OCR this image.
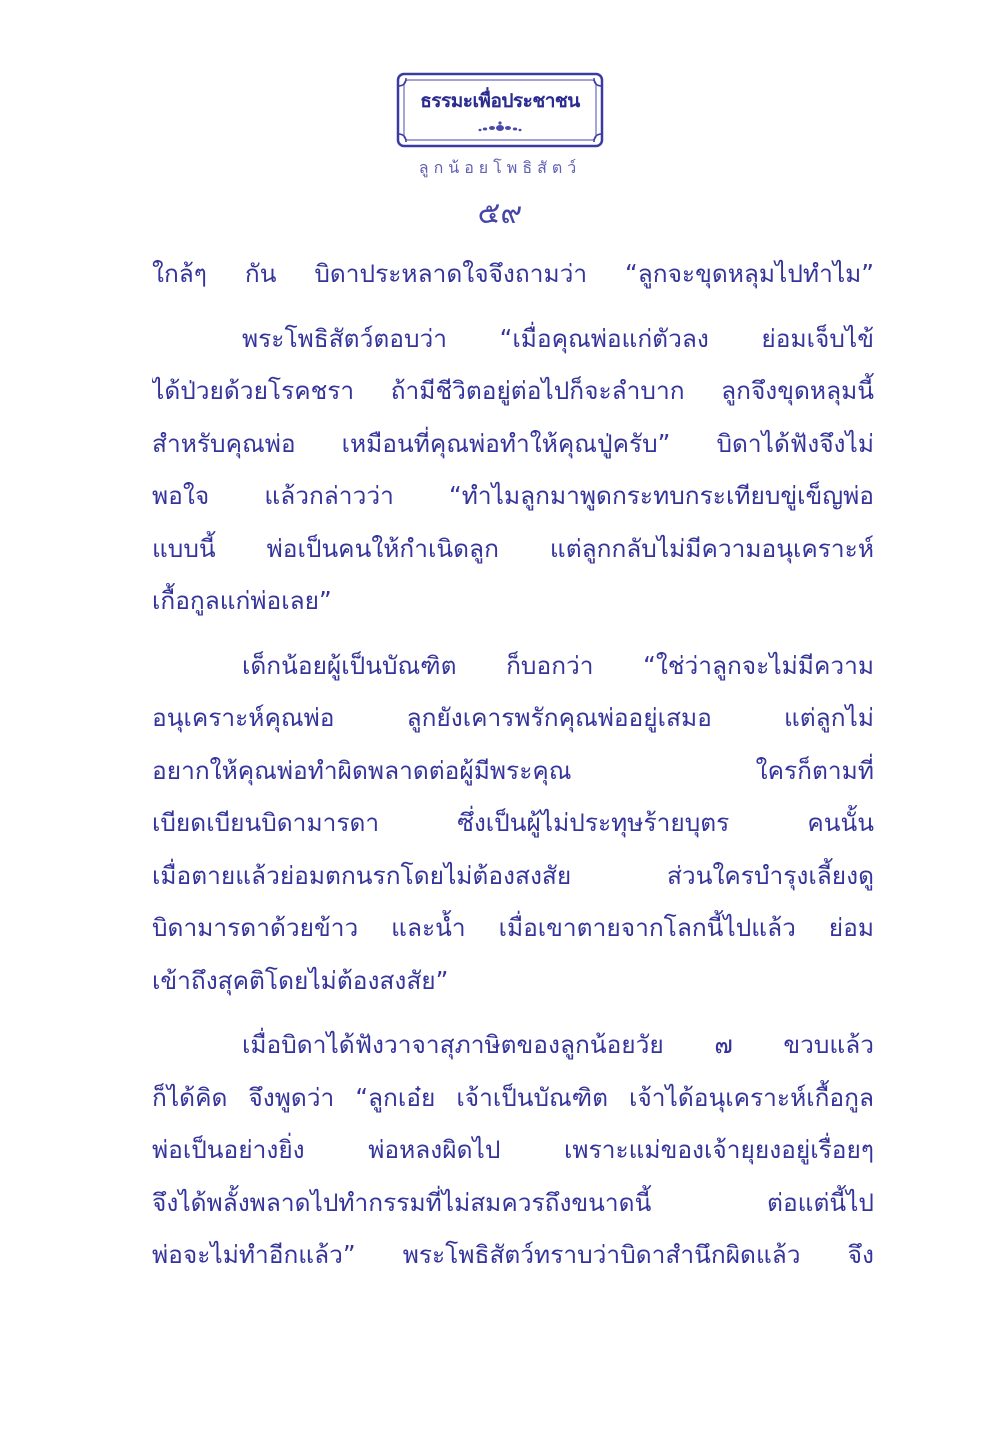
ธรรมะเพื่อประชาชน
ลูกน้อยโพธิสัตว์
๕๙
ใกล้ๆ กัน บิดาประหลาดใจจึงถามว่า “ลูกจะขุดหลุมไปทำไม”
พระโพธิสัตว์ตอบว่า “เมื่อคุณพ่อแก่ตัวลง ย่อมเจ็บไข้
ได้ป่วยด้วยโรคชรา ถ้ามีชีวิตอยู่ต่อไปก็จะลำบาก ลูกจึงขุดหลุมนี้
สำหรับคุณพ่อ เหมือนที่คุณพ่อทำให้คุณปู่ครับ” บิดาได้ฟังจึงไม่
พอใจ แล้วกล่าวว่า “ทำไมลูกมาพูดกระทบกระเทียบขู่เข็ญพ่อ
แบบนี้ พ่อเป็นคนให้กำเนิดลูก แต่ลูกกลับไม่มีความอนุเคราะห์
เกื้อกูลแก่พ่อเลย”
เด็กน้อยผู้เป็นบัณฑิต ก็บอกว่า “ใช่ว่าลูกจะไม่มีความ
อนุเคราะห์คุณพ่อ ลูกยังเคารพรักคุณพ่ออยู่เสมอ แต่ลูกไม่
อยากให้คุณพ่อทำผิดพลาดต่อผู้มีพระคุณ ใครก็ตามที่
เบียดเบียนบิดามารดา ซึ่งเป็นผู้ไม่ประทุษร้ายบุตร คนนั้น
เมื่อตายแล้วย่อมตกนรกโดยไม่ต้องสงสัย ส่วนใครบำรุงเลี้ยงดู
บิดามารดาด้วยข้าว และน้ำ เมื่อเขาตายจากโลกนี้ไปแล้ว ย่อม
เข้าถึงสุคติโดยไม่ต้องสงสัย”
เมื่อบิดาได้ฟังวาจาสุภาษิตของลูกน้อยวัย ๗ ขวบแล้ว
ก็ได้คิด จึงพูดว่า “ลูกเอ๋ย เจ้าเป็นบัณฑิต เจ้าได้อนุเคราะห์เกื้อกูล
พ่อเป็นอย่างยิ่ง พ่อหลงผิดไป เพราะแม่ของเจ้ายุยงอยู่เรื่อยๆ
จึงได้พลั้งพลาดไปทำกรรมที่ไม่สมควรถึงขนาดนี้ ต่อแต่นี้ไป
พ่อจะไม่ทำอีกแล้ว” พระโพธิสัตว์ทราบว่าบิดาสำนึกผิดแล้ว จึง
